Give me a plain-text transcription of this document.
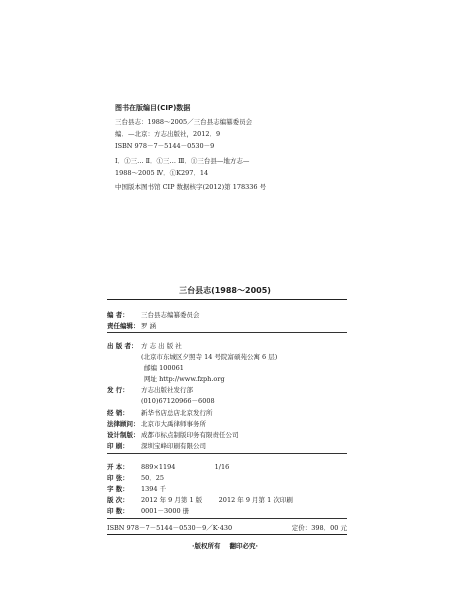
图书在版编目(CIP)数据
三台县志：1988～2005／三台县志编纂委员会
编．—北京：方志出版社，2012．9
ISBN 978－7－5144－0530－9
Ⅰ．①三… Ⅱ．①三… Ⅲ．①三台县—地方志—
1988～2005 Ⅳ．①K297．14
中国版本图书馆 CIP 数据核字(2012)第 178336 号
三台县志(1988～2005)
编 者： 三台县志编纂委员会
责任编辑： 罗 涵
出 版 者： 方 志 出 版 社
(北京市东城区夕照寺 14 号院富硕苑公寓 6 层)
邮编 100061
网址 http://www.fzph.org
发 行： 方志出版社发行部
(010)67120966－6008
经 销： 新华书店总店北京发行所
法律顾问： 北京市大禹律师事务所
设计制版： 成都市标点制版印务有限责任公司
印 刷： 深圳宝峰印刷有限公司
开 本： 889×1194                   1/16
印 张： 50．25
字 数： 1394 千
版 次： 2012 年 9 月第 1 版        2012 年 9 月第 1 次印刷
印 数： 0001－3000 册
ISBN 978－7－5144－0530－9／K·430	定价：398．00 元
·版权所有    翻印必究·
